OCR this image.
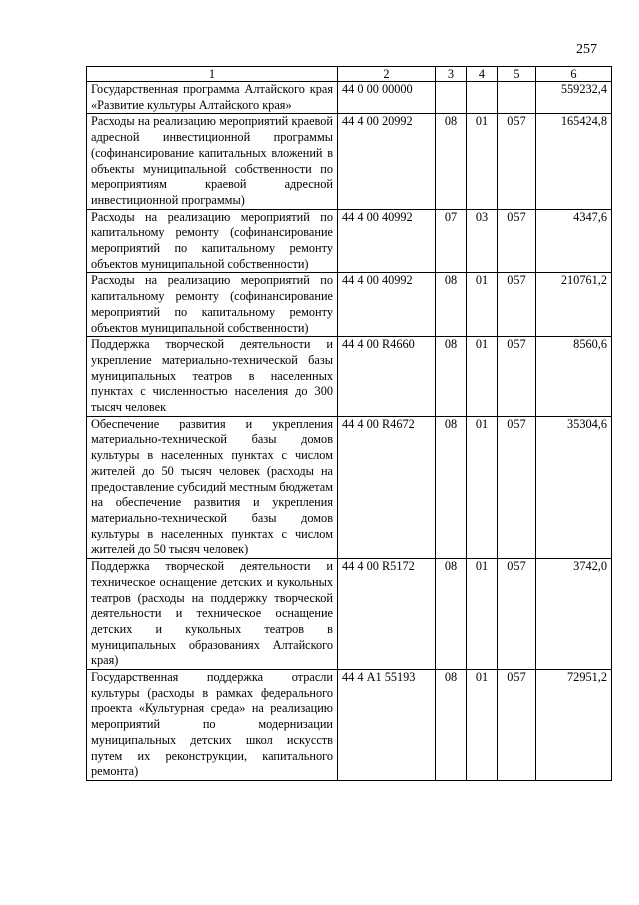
257
1	2	3	4	5	6
Государственная программа Алтайского края «Развитие культуры Алтайского края»	44 0 00 00000				559232,4
Расходы на реализацию мероприятий краевой адресной инвестиционной программы (софинансирование капитальных вложений в объекты муниципальной собственности по мероприятиям краевой адресной инвестиционной программы)	44 4 00 20992	08	01	057	165424,8
Расходы на реализацию мероприятий по капитальному ремонту (софинансирование мероприятий по капитальному ремонту объектов муниципальной собственности)	44 4 00 40992	07	03	057	4347,6
Расходы на реализацию мероприятий по капитальному ремонту (софинансирование мероприятий по капитальному ремонту объектов муниципальной собственности)	44 4 00 40992	08	01	057	210761,2
Поддержка творческой деятельности и укрепление материально-технической базы муниципальных театров в населенных пунктах с численностью населения до 300 тысяч человек	44 4 00 R4660	08	01	057	8560,6
Обеспечение развития и укрепления материально-технической базы домов культуры в населенных пунктах с числом жителей до 50 тысяч человек (расходы на предоставление субсидий местным бюджетам на обеспечение развития и укрепления материально-технической базы домов культуры в населенных пунктах с числом жителей до 50 тысяч человек)	44 4 00 R4672	08	01	057	35304,6
Поддержка творческой деятельности и техническое оснащение детских и кукольных театров (расходы на поддержку творческой деятельности и техническое оснащение детских и кукольных театров в муниципальных образованиях Алтайского края)	44 4 00 R5172	08	01	057	3742,0
Государственная поддержка отрасли культуры (расходы в рамках федерального проекта «Культурная среда» на реализацию мероприятий по модернизации муниципальных детских школ искусств путем их реконструкции, капитального ремонта)	44 4 А1 55193	08	01	057	72951,2
